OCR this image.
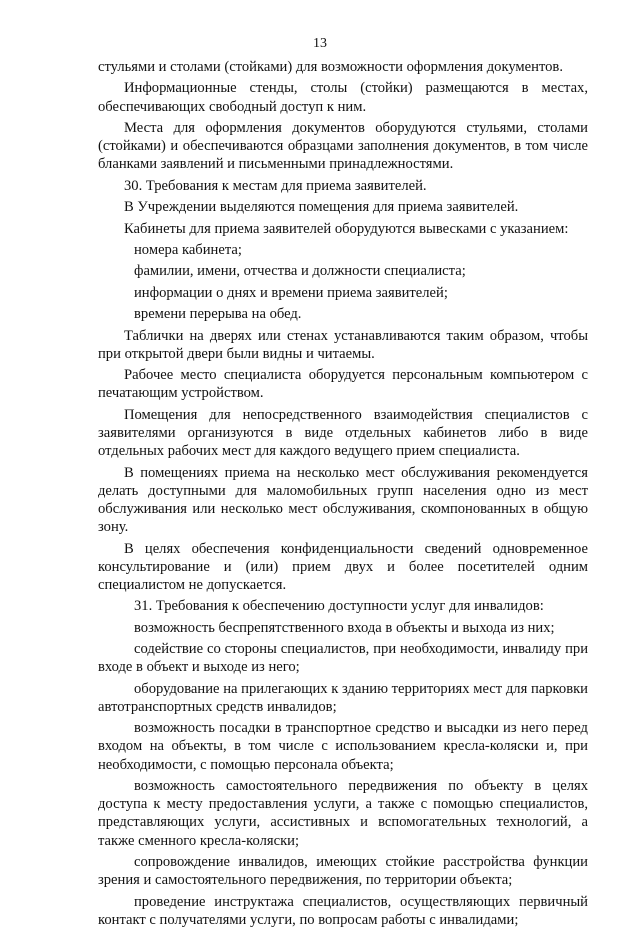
13

стульями и столами (стойками) для возможности оформления документов.

Информационные стенды, столы (стойки) размещаются в местах, обеспечивающих свободный доступ к ним.

Места для оформления документов оборудуются стульями, столами (стойками) и обеспечиваются образцами заполнения документов, в том числе бланками заявлений и письменными принадлежностями.

30. Требования к местам для приема заявителей.

В Учреждении выделяются помещения для приема заявителей.

Кабинеты для приема заявителей оборудуются вывесками с указанием:

номера кабинета;

фамилии, имени, отчества и должности специалиста;

информации о днях и времени приема заявителей;

времени перерыва на обед.

Таблички на дверях или стенах устанавливаются таким образом, чтобы при открытой двери были видны и читаемы.

Рабочее место специалиста оборудуется персональным компьютером с печатающим устройством.

Помещения для непосредственного взаимодействия специалистов с заявителями организуются в виде отдельных кабинетов либо в виде отдельных рабочих мест для каждого ведущего прием специалиста.

В помещениях приема на несколько мест обслуживания рекомендуется делать доступными для маломобильных групп населения одно из мест обслуживания или несколько мест обслуживания, скомпонованных в общую зону.

В целях обеспечения конфиденциальности сведений одновременное консультирование и (или) прием двух и более посетителей одним специалистом не допускается.

31. Требования к обеспечению доступности услуг для инвалидов:

возможность беспрепятственного входа в объекты и выхода из них;

содействие со стороны специалистов, при необходимости, инвалиду при входе в объект и выходе из него;

оборудование на прилегающих к зданию территориях мест для парковки автотранспортных средств инвалидов;

возможность посадки в транспортное средство и высадки из него перед входом на объекты, в том числе с использованием кресла-коляски и, при необходимости, с помощью персонала объекта;

возможность самостоятельного передвижения по объекту в целях доступа к месту предоставления услуги, а также с помощью специалистов, представляющих услуги, ассистивных и вспомогательных технологий, а также сменного кресла-коляски;

сопровождение инвалидов, имеющих стойкие расстройства функции зрения и самостоятельного передвижения, по территории объекта;

проведение инструктажа специалистов, осуществляющих первичный контакт с получателями услуги, по вопросам работы с инвалидами;
